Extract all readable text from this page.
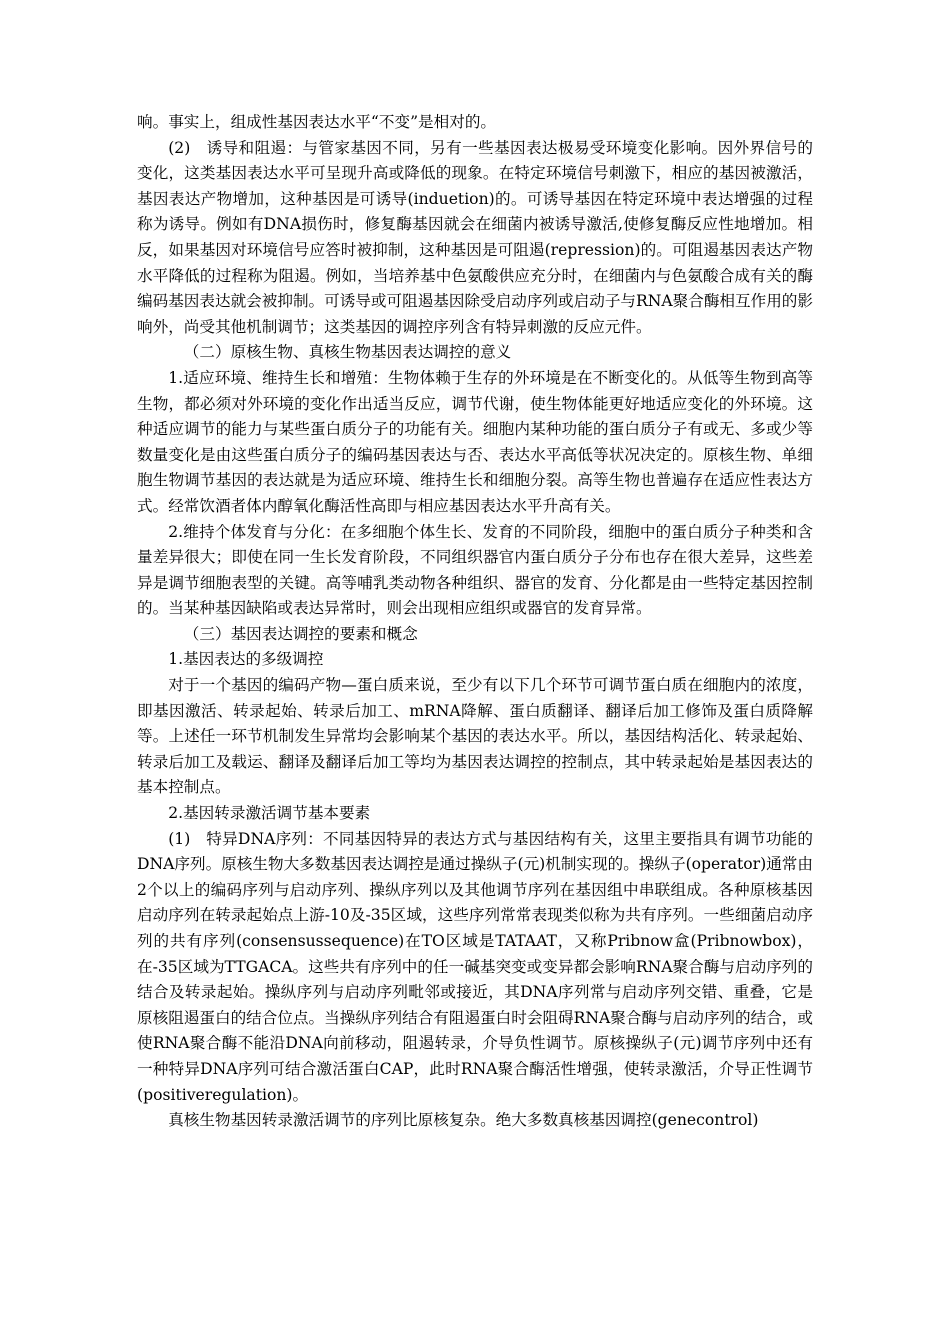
响。事实上，组成性基因表达水平“不变”是相对的。

(2)　诱导和阻遏：与管家基因不同，另有一些基因表达极易受环境变化影响。因外界信号的变化，这类基因表达水平可呈现升高或降低的现象。在特定环境信号刺激下，相应的基因被激活，基因表达产物增加，这种基因是可诱导(induetion)的。可诱导基因在特定环境中表达增强的过程称为诱导。例如有DNA损伤时，修复酶基因就会在细菌内被诱导激活,使修复酶反应性地增加。相反，如果基因对环境信号应答时被抑制，这种基因是可阻遏(repression)的。可阻遏基因表达产物水平降低的过程称为阻遏。例如，当培养基中色氨酸供应充分时，在细菌内与色氨酸合成有关的酶编码基因表达就会被抑制。可诱导或可阻遏基因除受启动序列或启动子与RNA聚合酶相互作用的影响外，尚受其他机制调节；这类基因的调控序列含有特异刺激的反应元件。

（二）原核生物、真核生物基因表达调控的意义

1.适应环境、维持生长和增殖：生物体赖于生存的外环境是在不断变化的。从低等生物到高等生物，都必须对外环境的变化作出适当反应，调节代谢，使生物体能更好地适应变化的外环境。这种适应调节的能力与某些蛋白质分子的功能有关。细胞内某种功能的蛋白质分子有或无、多或少等数量变化是由这些蛋白质分子的编码基因表达与否、表达水平高低等状况决定的。原核生物、单细胞生物调节基因的表达就是为适应环境、维持生长和细胞分裂。高等生物也普遍存在适应性表达方式。经常饮酒者体内醇氧化酶活性高即与相应基因表达水平升高有关。

2.维持个体发育与分化：在多细胞个体生长、发育的不同阶段，细胞中的蛋白质分子种类和含量差异很大；即使在同一生长发育阶段，不同组织器官内蛋白质分子分布也存在很大差异，这些差异是调节细胞表型的关键。高等哺乳类动物各种组织、器官的发育、分化都是由一些特定基因控制的。当某种基因缺陷或表达异常时，则会出现相应组织或器官的发育异常。

（三）基因表达调控的要素和概念

1.基因表达的多级调控

对于一个基因的编码产物—蛋白质来说，至少有以下几个环节可调节蛋白质在细胞内的浓度，即基因激活、转录起始、转录后加工、mRNA降解、蛋白质翻译、翻译后加工修饰及蛋白质降解等。上述任一环节机制发生异常均会影响某个基因的表达水平。所以，基因结构活化、转录起始、转录后加工及载运、翻译及翻译后加工等均为基因表达调控的控制点，其中转录起始是基因表达的基本控制点。

2.基因转录激活调节基本要素

(1)　特异DNA序列：不同基因特异的表达方式与基因结构有关，这里主要指具有调节功能的DNA序列。原核生物大多数基因表达调控是通过操纵子(元)机制实现的。操纵子(operator)通常由2个以上的编码序列与启动序列、操纵序列以及其他调节序列在基因组中串联组成。各种原核基因启动序列在转录起始点上游-10及-35区域，这些序列常常表现类似称为共有序列。一些细菌启动序列的共有序列(consensussequence)在TO区域是TATAAT，又称Pribnow盒(Pribnowbox)，在-35区域为TTGACA。这些共有序列中的任一碱基突变或变异都会影响RNA聚合酶与启动序列的结合及转录起始。操纵序列与启动序列毗邻或接近，其DNA序列常与启动序列交错、重叠，它是原核阻遏蛋白的结合位点。当操纵序列结合有阻遏蛋白时会阻碍RNA聚合酶与启动序列的结合，或使RNA聚合酶不能沿DNA向前移动，阻遏转录，介导负性调节。原核操纵子(元)调节序列中还有一种特异DNA序列可结合激活蛋白CAP，此时RNA聚合酶活性增强，使转录激活，介导正性调节(positiveregulation)。

真核生物基因转录激活调节的序列比原核复杂。绝大多数真核基因调控(genecontrol)
